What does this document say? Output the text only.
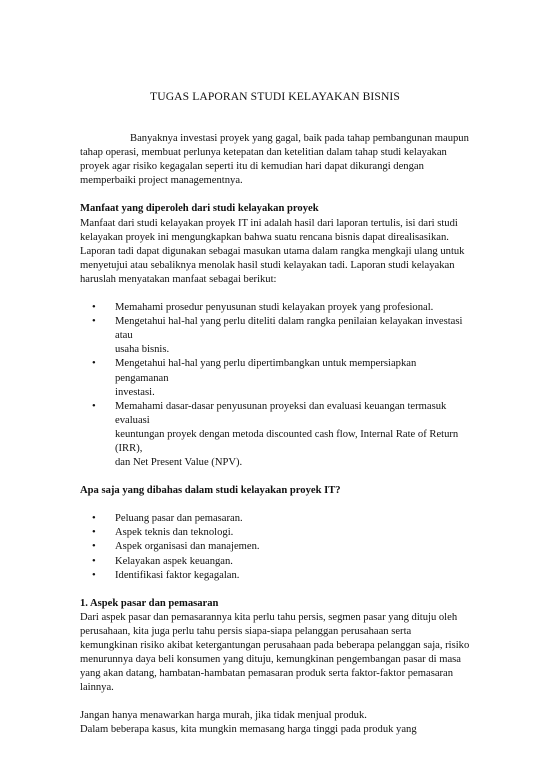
TUGAS LAPORAN STUDI KELAYAKAN BISNIS

Banyaknya investasi proyek yang gagal, baik pada tahap pembangunan maupun tahap operasi, membuat perlunya ketepatan dan ketelitian dalam tahap studi kelayakan proyek agar risiko kegagalan seperti itu di kemudian hari dapat dikurangi dengan memperbaiki project managementnya.

Manfaat yang diperoleh dari studi kelayakan proyek

Manfaat dari studi kelayakan proyek IT ini adalah hasil dari laporan tertulis, isi dari studi kelayakan proyek ini mengungkapkan bahwa suatu rencana bisnis dapat direalisasikan. Laporan tadi dapat digunakan sebagai masukan utama dalam rangka mengkaji ulang untuk menyetujui atau sebaliknya menolak hasil studi kelayakan tadi. Laporan studi kelayakan haruslah menyatakan manfaat sebagai berikut:

• Memahami prosedur penyusunan studi kelayakan proyek yang profesional.
• Mengetahui hal-hal yang perlu diteliti dalam rangka penilaian kelayakan investasi
atau
usaha bisnis.
• Mengetahui hal-hal yang perlu dipertimbangkan untuk mempersiapkan
pengamanan
investasi.
• Memahami dasar-dasar penyusunan proyeksi dan evaluasi keuangan termasuk
evaluasi
keuntungan proyek dengan metoda discounted cash flow, Internal Rate of Return
(IRR),
dan Net Present Value (NPV).

Apa saja yang dibahas dalam studi kelayakan proyek IT?

• Peluang pasar dan pemasaran.
• Aspek teknis dan teknologi.
• Aspek organisasi dan manajemen.
• Kelayakan aspek keuangan.
• Identifikasi faktor kegagalan.

1. Aspek pasar dan pemasaran

Dari aspek pasar dan pemasarannya kita perlu tahu persis, segmen pasar yang dituju oleh perusahaan, kita juga perlu tahu persis siapa-siapa pelanggan perusahaan serta kemungkinan risiko akibat ketergantungan perusahaan pada beberapa pelanggan saja, risiko menurunnya daya beli konsumen yang dituju, kemungkinan pengembangan pasar di masa yang akan datang, hambatan-hambatan pemasaran produk serta faktor-faktor pemasaran lainnya.

Jangan hanya menawarkan harga murah, jika tidak menjual produk.

Dalam beberapa kasus, kita mungkin memasang harga tinggi pada produk yang
